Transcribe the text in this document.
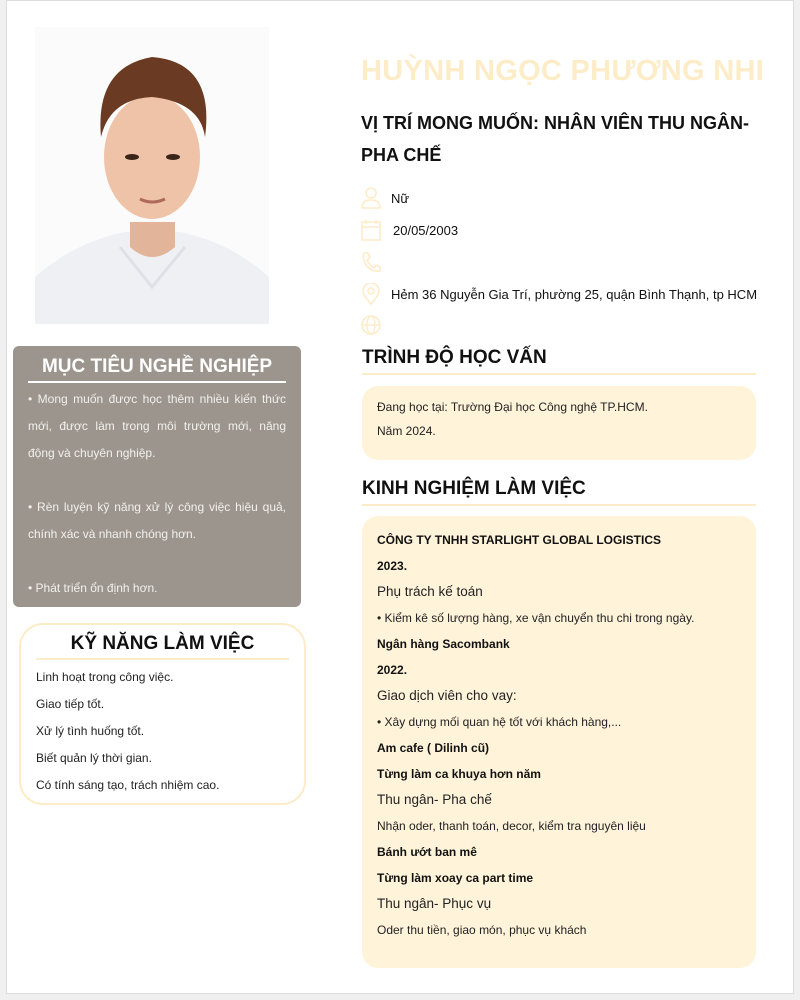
HUỲNH NGỌC PHƯƠNG NHI
VỊ TRÍ MONG MUỐN: NHÂN VIÊN THU NGÂN-PHA CHẾ
Nữ
20/05/2003
Hẻm 36 Nguyễn Gia Trí, phường 25, quận Bình Thạnh, tp HCM
MỤC TIÊU NGHỀ NGHIỆP

• Mong muốn được học thêm nhiều kiến thức mới, được làm trong môi trường mới, năng động và chuyên nghiệp.

• Rèn luyện kỹ năng xử lý công việc hiệu quả, chính xác và nhanh chóng hơn.

• Phát triển ổn định hơn.

KỸ NĂNG LÀM VIỆC

Linh hoạt trong công việc.

Giao tiếp tốt.

Xử lý tình huống tốt.

Biết quản lý thời gian.

Có tính sáng tạo, trách nhiệm cao.

TRÌNH ĐỘ HỌC VẤN

Đang học tại: Trường Đại học Công nghệ TP.HCM.

Năm 2024.

KINH NGHIỆM LÀM VIỆC

CÔNG TY TNHH STARLIGHT GLOBAL LOGISTICS

2023.

Phụ trách kế toán

• Kiểm kê số lượng hàng, xe vận chuyển thu chi trong ngày.

Ngân hàng Sacombank

2022.

Giao dịch viên cho vay:

• Xây dựng mối quan hệ tốt với khách hàng,...

Am cafe ( Dilinh cũ)

Từng làm ca khuya hơn năm

Thu ngân- Pha chế

Nhận oder, thanh toán, decor, kiểm tra nguyên liệu

Bánh ướt ban mê

Từng làm xoay ca part time

Thu ngân- Phục vụ

Oder thu tiền, giao món, phục vụ khách
